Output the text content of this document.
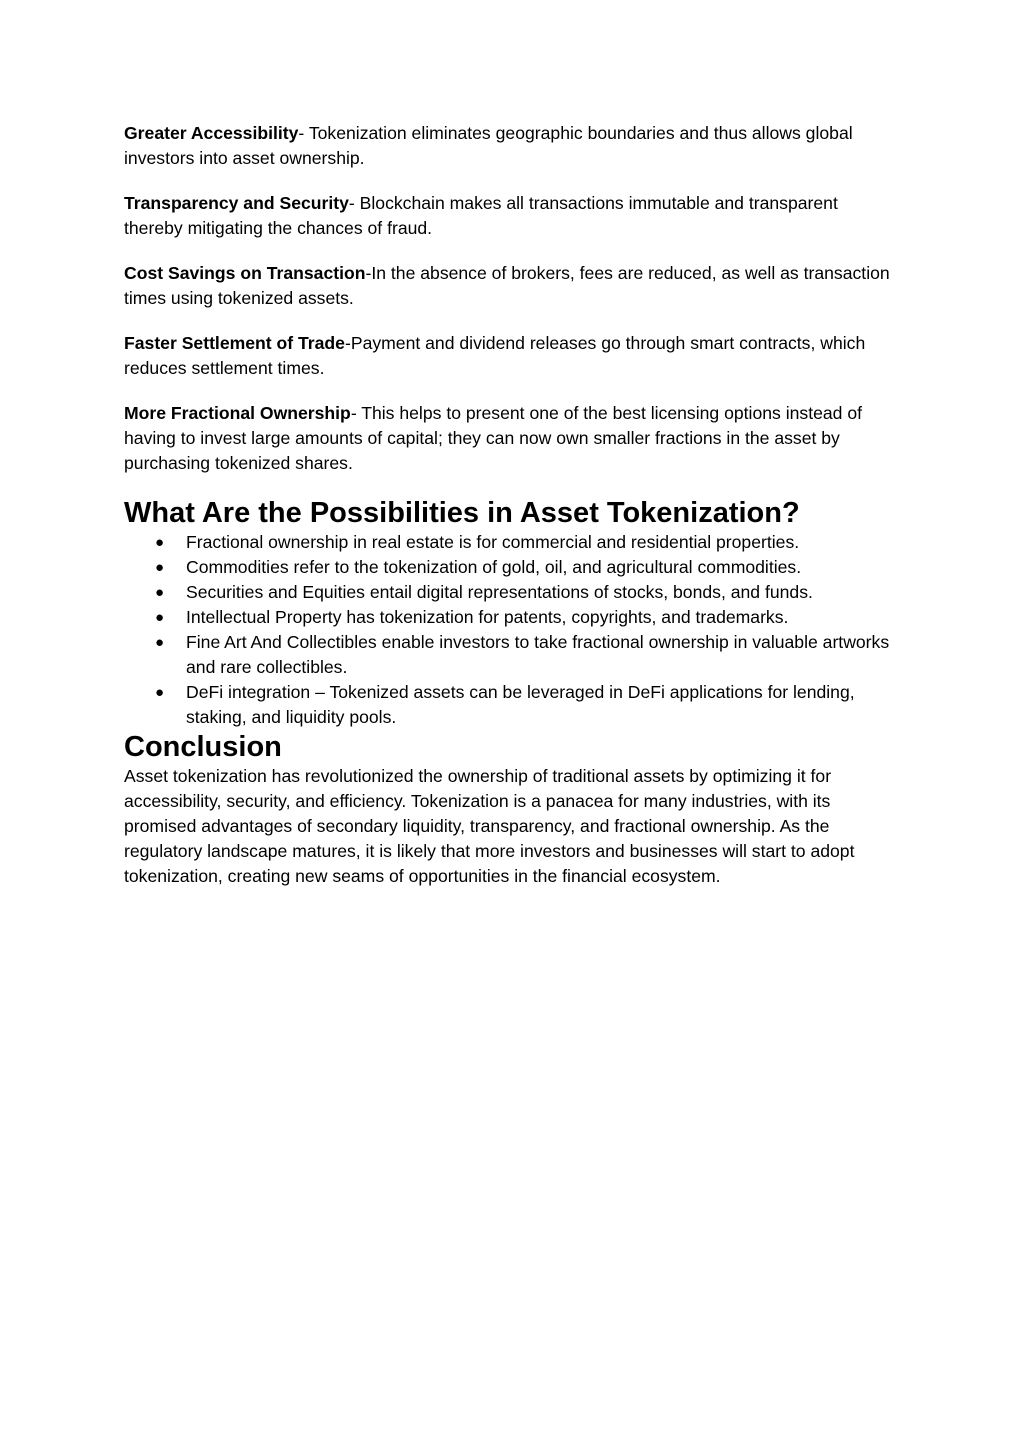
Greater Accessibility- Tokenization eliminates geographic boundaries and thus allows global investors into asset ownership.

Transparency and Security- Blockchain makes all transactions immutable and transparent thereby mitigating the chances of fraud.

Cost Savings on Transaction-In the absence of brokers, fees are reduced, as well as transaction times using tokenized assets.

Faster Settlement of Trade-Payment and dividend releases go through smart contracts, which reduces settlement times.

More Fractional Ownership- This helps to present one of the best licensing options instead of having to invest large amounts of capital; they can now own smaller fractions in the asset by purchasing tokenized shares.

What Are the Possibilities in Asset Tokenization?
● Fractional ownership in real estate is for commercial and residential properties.
● Commodities refer to the tokenization of gold, oil, and agricultural commodities.
● Securities and Equities entail digital representations of stocks, bonds, and funds.
● Intellectual Property has tokenization for patents, copyrights, and trademarks.
● Fine Art And Collectibles enable investors to take fractional ownership in valuable artworks and rare collectibles.
● DeFi integration – Tokenized assets can be leveraged in DeFi applications for lending, staking, and liquidity pools.
Conclusion

Asset tokenization has revolutionized the ownership of traditional assets by optimizing it for accessibility, security, and efficiency. Tokenization is a panacea for many industries, with its promised advantages of secondary liquidity, transparency, and fractional ownership. As the regulatory landscape matures, it is likely that more investors and businesses will start to adopt tokenization, creating new seams of opportunities in the financial ecosystem.
